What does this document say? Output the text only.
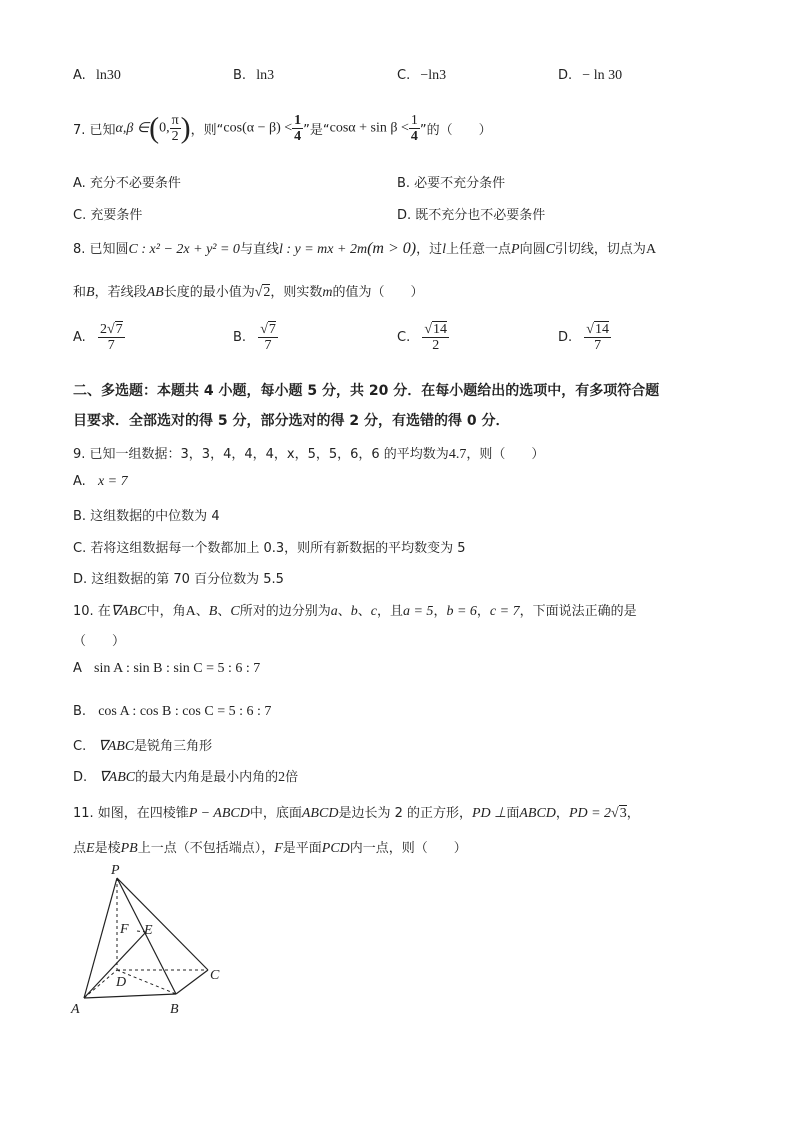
A. ln30	B. ln3	C. −ln3	D. − ln 30
7. 已知α,β ∈(0, $\frac{\pi}{2}$ )，则“$\cos(\alpha - \beta) < \frac{1}{4}$ ”是“$\cos\alpha + \sin \beta < \frac{1}{4}$ ”的（　　）
A. 充分不必要条件	B. 必要不充分条件
C. 充要条件	D. 既不充分也不必要条件
8. 已知圆C : x² − 2x + y² = 0与直线l : y = mx + 2m(m > 0)，过l上任意一点P向圆C引切线，切点为A
和B，若线段AB长度的最小值为√2，则实数m的值为（　　）
A. $\frac{2√7}{7}$	B. $\frac{√7}{7}$	C. $\frac{√14}{2}$	D. $\frac{√14}{7}$
二、多选题：本题共 4 小题，每小题 5 分，共 20 分．在每小题给出的选项中，有多项符合题
目要求．全部选对的得 5 分，部分选对的得 2 分，有选错的得 0 分．
9. 已知一组数据：3，3，4，4，4，x，5，5，6，6 的平均数为4.7，则（　　）
A. x = 7
B. 这组数据的中位数为 4
C. 若将这组数据每一个数都加上 0.3，则所有新数据的平均数变为 5
D. 这组数据的第 70 百分位数为 5.5
10. 在∇ABC中，角A、B、C所对的边分别为a、b、c，且a = 5，b = 6，c = 7，下面说法正确的是
（　　）
A sin A : sin B : sin C = 5 : 6 : 7
B. cos A : cos B : cos C = 5 : 6 : 7
C. ∇ABC是锐角三角形
D. ∇ABC的最大内角是最小内角的2倍
11. 如图，在四棱锥P − ABCD中，底面ABCD是边长为 2 的正方形，PD ⊥面ABCD，PD = 2√3，
点E是棱PB上一点（不包括端点），F是平面PCD内一点，则（　　）
P
F E
D	C
A	B
